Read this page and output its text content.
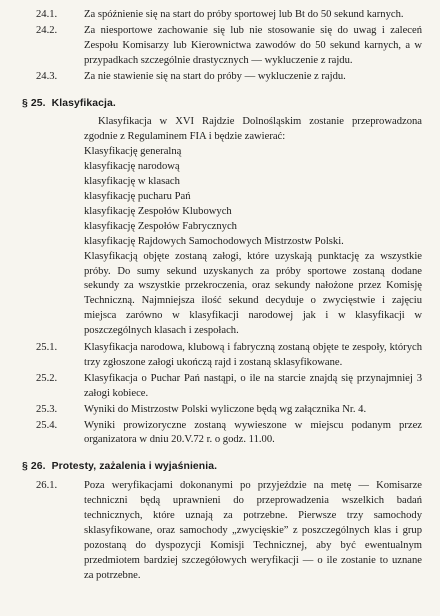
24.1.	Za spóźnienie się na start do próby sportowej lub Bt do 50 sekund karnych.
24.2.	Za niesportowe zachowanie się lub nie stosowanie się do uwag i zaleceń Zespołu Komisarzy lub Kierownictwa zawodów do 50 sekund karnych, a w przypadkach szczególnie drastycznych — wykluczenie z rajdu.
24.3.	Za nie stawienie się na start do próby — wykluczenie z rajdu.
§ 25. Klasyfikacja.
Klasyfikacja w XVI Rajdzie Dolnośląskim zostanie przeprowadzona zgodnie z Regulaminem FIA i będzie zawierać:
Klasyfikację generalną
klasyfikację narodową
klasyfikację w klasach
klasyfikację pucharu Pań
klasyfikację Zespołów Klubowych
klasyfikację Zespołów Fabrycznych
klasyfikację Rajdowych Samochodowych Mistrzostw Polski.
Klasyfikacją objęte zostaną załogi, które uzyskają punktację za wszystkie próby. Do sumy sekund uzyskanych za próby sportowe zostaną dodane sekundy za wszystkie przekroczenia, oraz sekundy nałożone przez Komisję Techniczną. Najmniejsza ilość sekund decyduje o zwycięstwie i zajęciu miejsca zarówno w klasyfikacji narodowej jak i w klasyfikacji w poszczególnych klasach i zespołach.
25.1.	Klasyfikacja narodowa, klubową i fabryczną zostaną objęte te zespoły, których trzy zgłoszone załogi ukończą rajd i zostaną sklasyfikowane.
25.2.	Klasyfikacja o Puchar Pań nastąpi, o ile na starcie znajdą się przynajmniej 3 załogi kobiece.
25.3.	Wyniki do Mistrzostw Polski wyliczone będą wg załącznika Nr. 4.
25.4.	Wyniki prowizoryczne zostaną wywieszone w miejscu podanym przez organizatora w dniu 20.V.72 r. o godz. 11.00.
§ 26. Protesty, zażalenia i wyjaśnienia.
26.1.	Poza weryfikacjami dokonanymi po przyjeździe na metę — Komisarze techniczni będą uprawnieni do przeprowadzenia wszelkich badań technicznych, które uznają za potrzebne. Pierwsze trzy samochody sklasyfikowane, oraz samochody „zwycięskie” z poszczególnych klas i grup pozostaną do dyspozycji Komisji Technicznej, aby być ewentualnym przedmiotem bardziej szczegółowych weryfikacji — o ile zostanie to uznane za potrzebne.
